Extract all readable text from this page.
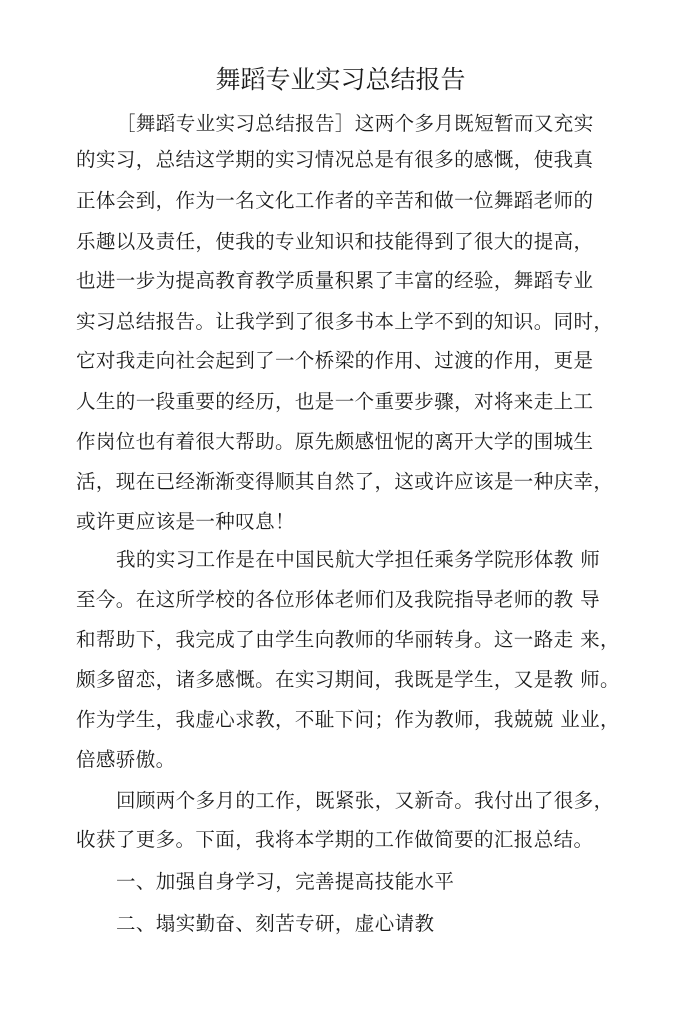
舞蹈专业实习总结报告
［舞蹈专业实习总结报告］这两个多月既短暂而又充实
的实习，总结这学期的实习情况总是有很多的感慨，使我真
正体会到，作为一名文化工作者的辛苦和做一位舞蹈老师的
乐趣以及责任，使我的专业知识和技能得到了很大的提高，
也进一步为提高教育教学质量积累了丰富的经验，舞蹈专业
实习总结报告。让我学到了很多书本上学不到的知识。同时，
它对我走向社会起到了一个桥梁的作用、过渡的作用，更是
人生的一段重要的经历，也是一个重要步骤，对将来走上工
作岗位也有着很大帮助。原先颇感忸怩的离开大学的围城生
活，现在已经渐渐变得顺其自然了，这或许应该是一种庆幸，
或许更应该是一种叹息！
我的实习工作是在中国民航大学担任乘务学院形体教 师
至今。在这所学校的各位形体老师们及我院指导老师的教 导
和帮助下，我完成了由学生向教师的华丽转身。这一路走 来，
颇多留恋，诸多感慨。在实习期间，我既是学生，又是教 师。
作为学生，我虚心求教，不耻下问；作为教师，我兢兢 业业，
倍感骄傲。
回顾两个多月的工作，既紧张，又新奇。我付出了很多，
收获了更多。下面，我将本学期的工作做简要的汇报总结。
一、加强自身学习，完善提高技能水平
二、塌实勤奋、刻苦专研，虚心请教
